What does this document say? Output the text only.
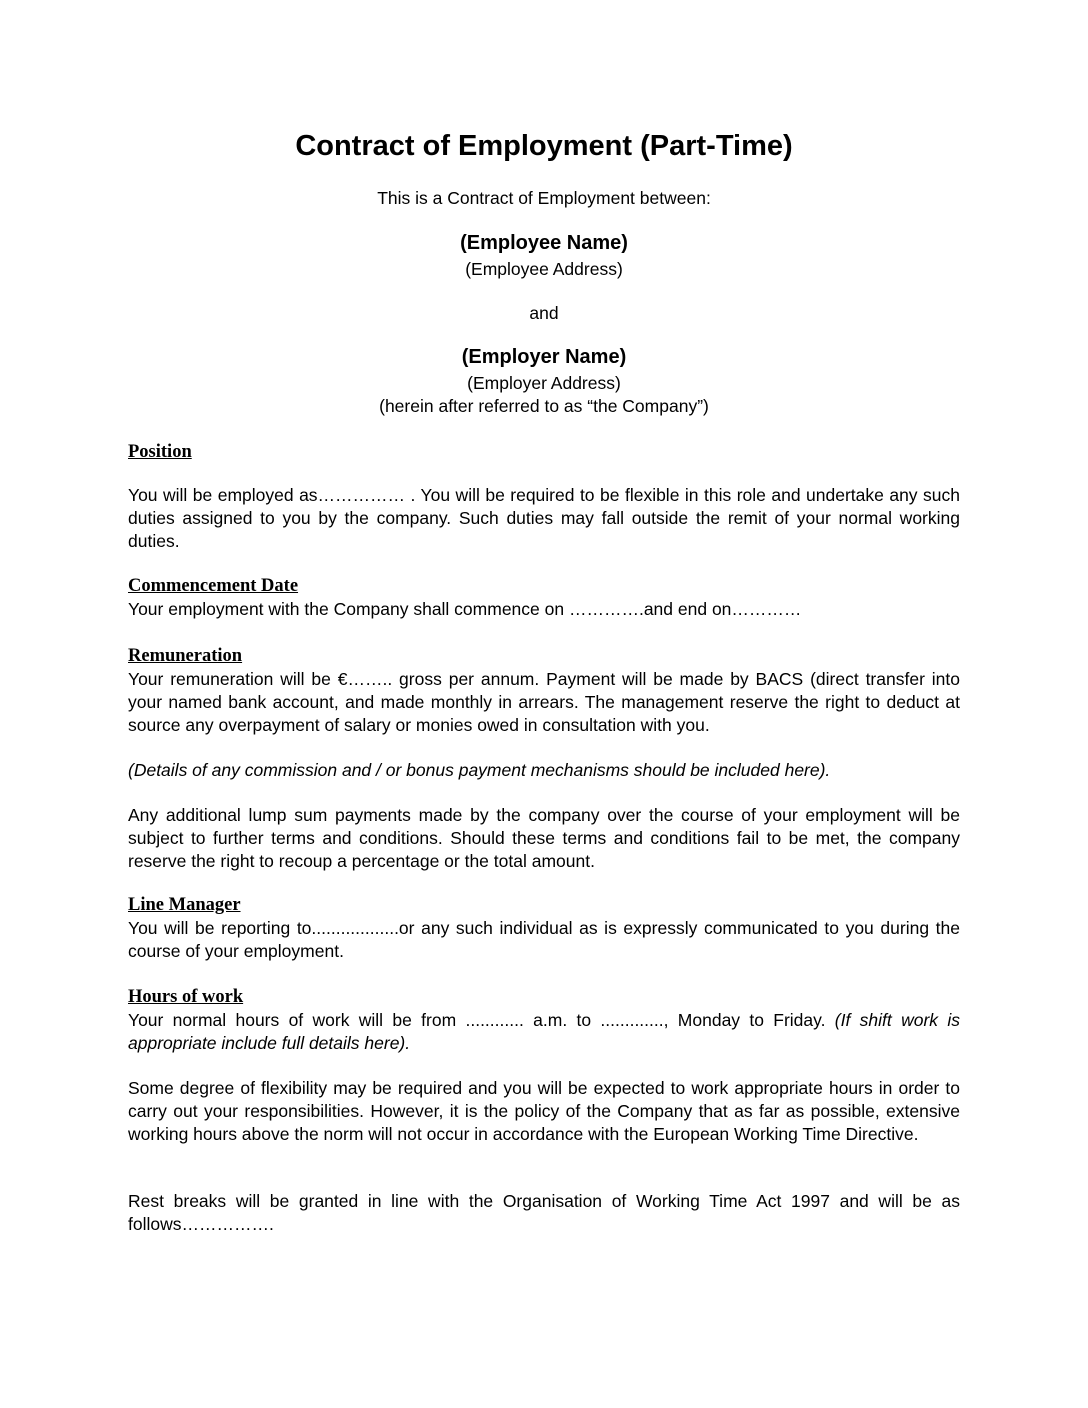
Contract of Employment (Part-Time)

This is a Contract of Employment between:

(Employee Name)

(Employee Address)

and

(Employer Name)

(Employer Address)

(herein after referred to as “the Company”)

Position

You will be employed as…………… . You will be required to be flexible in this role and undertake any such duties assigned to you by the company. Such duties may fall outside the remit of your normal working duties.

Commencement Date

Your employment with the Company shall commence on ………….and end on…………

Remuneration

Your remuneration will be €…….. gross per annum. Payment will be made by BACS (direct transfer into your named bank account, and made monthly in arrears. The management reserve the right to deduct at source any overpayment of salary or monies owed in consultation with you.

(Details of any commission and / or bonus payment mechanisms should be included here).

Any additional lump sum payments made by the company over the course of your employment will be subject to further terms and conditions. Should these terms and conditions fail to be met, the company reserve the right to recoup a percentage or the total amount.

Line Manager

You will be reporting to..................or any such individual as is expressly communicated to you during the course of your employment.

Hours of work

Your normal hours of work will be from ............ a.m. to ............., Monday to Friday. (If shift work is appropriate include full details here).

Some degree of flexibility may be required and you will be expected to work appropriate hours in order to carry out your responsibilities. However, it is the policy of the Company that as far as possible, extensive working hours above the norm will not occur in accordance with the European Working Time Directive.

Rest breaks will be granted in line with the Organisation of Working Time Act 1997 and will be as follows…………….
